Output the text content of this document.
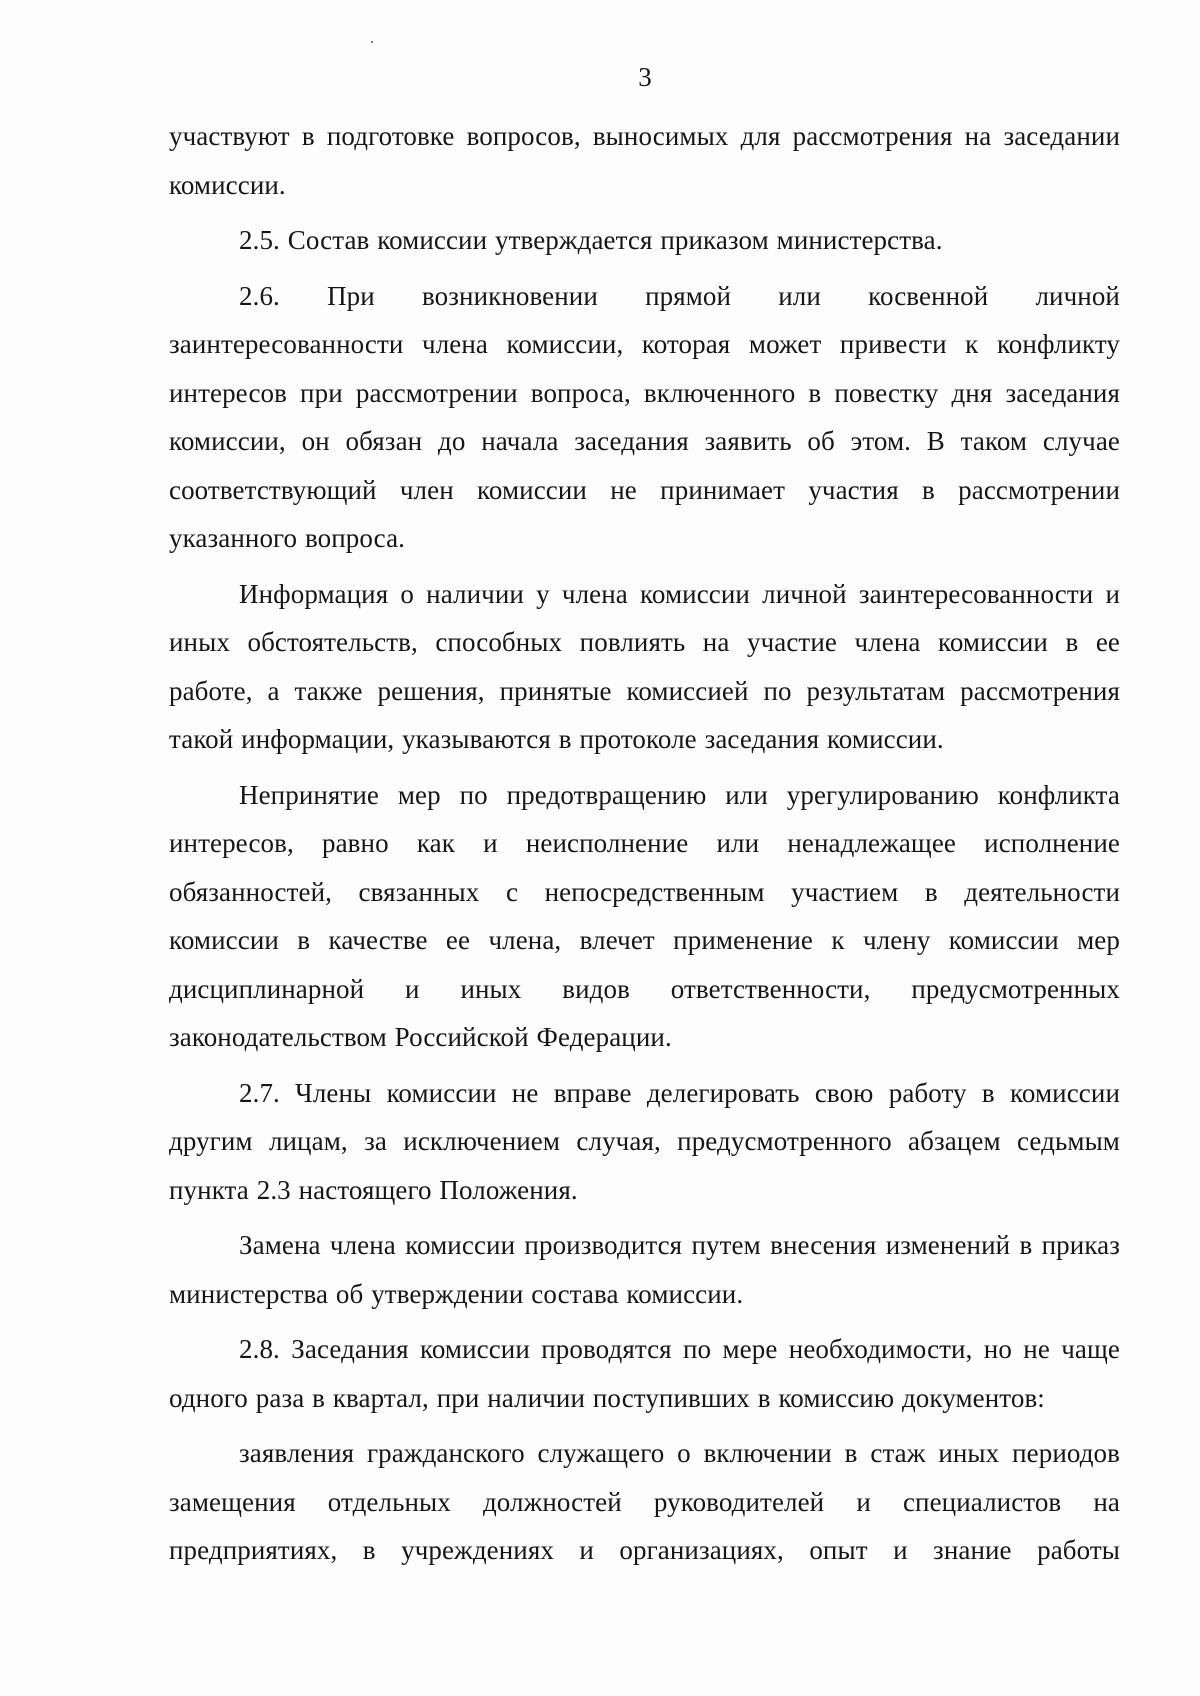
3

участвуют в подготовке вопросов, выносимых для рассмотрения на заседании комиссии.

2.5. Состав комиссии утверждается приказом министерства.

2.6. При возникновении прямой или косвенной личной заинтересованности члена комиссии, которая может привести к конфликту интересов при рассмотрении вопроса, включенного в повестку дня заседания комиссии, он обязан до начала заседания заявить об этом. В таком случае соответствующий член комиссии не принимает участия в рассмотрении указанного вопроса.

Информация о наличии у члена комиссии личной заинтересованности и иных обстоятельств, способных повлиять на участие члена комиссии в ее работе, а также решения, принятые комиссией по результатам рассмотрения такой информации, указываются в протоколе заседания комиссии.

Непринятие мер по предотвращению или урегулированию конфликта интересов, равно как и неисполнение или ненадлежащее исполнение обязанностей, связанных с непосредственным участием в деятельности комиссии в качестве ее члена, влечет применение к члену комиссии мер дисциплинарной и иных видов ответственности, предусмотренных законодательством Российской Федерации.

2.7. Члены комиссии не вправе делегировать свою работу в комиссии другим лицам, за исключением случая, предусмотренного абзацем седьмым пункта 2.3 настоящего Положения.

Замена члена комиссии производится путем внесения изменений в приказ министерства об утверждении состава комиссии.

2.8. Заседания комиссии проводятся по мере необходимости, но не чаще одного раза в квартал, при наличии поступивших в комиссию документов:

заявления гражданского служащего о включении в стаж иных периодов замещения отдельных должностей руководителей и специалистов на предприятиях, в учреждениях и организациях, опыт и знание работы
